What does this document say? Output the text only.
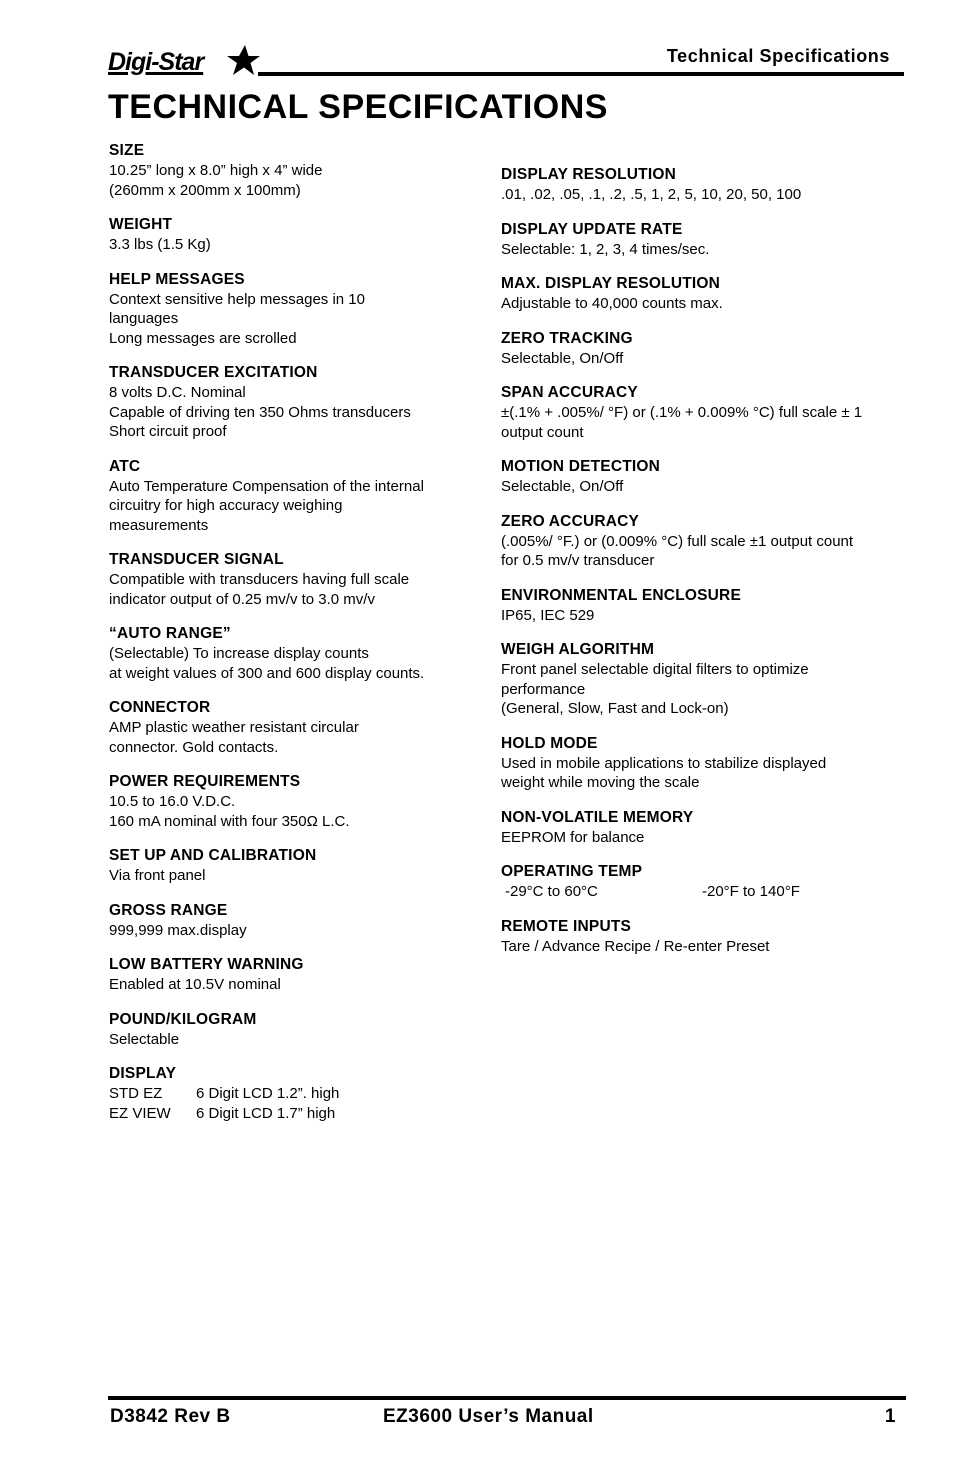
Digi-Star	Technical Specifications
TECHNICAL SPECIFICATIONS
SIZE
10.25” long x 8.0” high x 4” wide
(260mm x 200mm x 100mm)
WEIGHT
3.3 lbs (1.5 Kg)
HELP MESSAGES
Context sensitive help messages in 10
languages
Long messages are scrolled
TRANSDUCER EXCITATION
8 volts D.C. Nominal
Capable of driving ten 350 Ohms transducers
Short circuit proof
ATC
Auto Temperature Compensation of the internal
circuitry for high accuracy weighing
measurements
TRANSDUCER SIGNAL
Compatible with transducers having full scale
indicator output of 0.25 mv/v to 3.0 mv/v
“AUTO RANGE”
(Selectable) To increase display counts
at weight values of 300 and 600 display counts.
CONNECTOR
AMP plastic weather resistant circular
connector. Gold contacts.
POWER REQUIREMENTS
10.5 to 16.0 V.D.C.
160 mA nominal with four 350Ω L.C.
SET UP AND CALIBRATION
Via front panel
GROSS RANGE
999,999 max.display
LOW BATTERY WARNING
Enabled at 10.5V nominal
POUND/KILOGRAM
Selectable
DISPLAY
STD EZ	6 Digit LCD 1.2”. high
EZ VIEW	6 Digit LCD 1.7” high
DISPLAY RESOLUTION
.01, .02, .05, .1, .2, .5, 1, 2, 5, 10, 20, 50, 100
DISPLAY UPDATE RATE
Selectable: 1, 2, 3, 4 times/sec.
MAX. DISPLAY RESOLUTION
Adjustable to 40,000 counts max.
ZERO TRACKING
Selectable, On/Off
SPAN ACCURACY
±(.1% + .005%/ °F) or (.1% + 0.009% °C) full scale ± 1
output count
MOTION DETECTION
Selectable, On/Off
ZERO ACCURACY
(.005%/ °F.) or (0.009% °C) full scale ±1 output count
for 0.5 mv/v transducer
ENVIRONMENTAL ENCLOSURE
IP65, IEC 529
WEIGH ALGORITHM
Front panel selectable digital filters to optimize
performance
(General, Slow, Fast and Lock-on)
HOLD MODE
Used in mobile applications to stabilize displayed
weight while moving the scale
NON-VOLATILE MEMORY
EEPROM for balance
OPERATING TEMP
-29°C to 60°C	-20°F to 140°F
REMOTE INPUTS
Tare / Advance Recipe / Re-enter Preset
D3842 Rev B	EZ3600 User’s Manual	1
